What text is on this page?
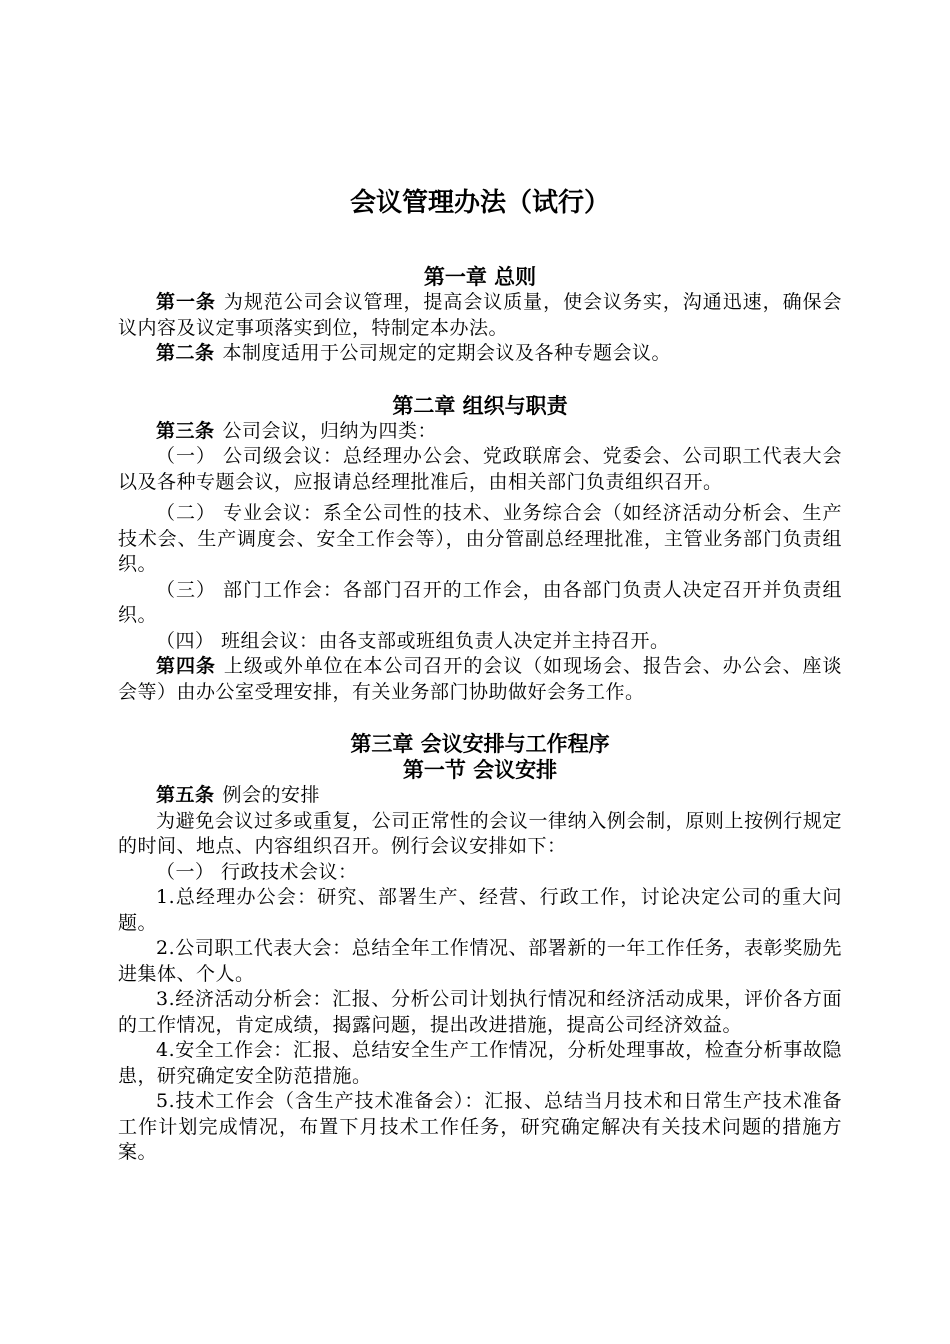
会议管理办法（试行）
第一章 总则

第一条 为规范公司会议管理，提高会议质量，使会议务实，沟通迅速，确保会议内容及议定事项落实到位，特制定本办法。

第二条 本制度适用于公司规定的定期会议及各种专题会议。

第二章 组织与职责

第三条 公司会议，归纳为四类：

（一） 公司级会议：总经理办公会、党政联席会、党委会、公司职工代表大会以及各种专题会议，应报请总经理批准后，由相关部门负责组织召开。

（二） 专业会议：系全公司性的技术、业务综合会（如经济活动分析会、生产技术会、生产调度会、安全工作会等），由分管副总经理批准，主管业务部门负责组织。

（三） 部门工作会：各部门召开的工作会，由各部门负责人决定召开并负责组织。

（四） 班组会议：由各支部或班组负责人决定并主持召开。

第四条 上级或外单位在本公司召开的会议（如现场会、报告会、办公会、座谈会等）由办公室受理安排，有关业务部门协助做好会务工作。

第三章 会议安排与工作程序
第一节 会议安排

第五条 例会的安排

为避免会议过多或重复，公司正常性的会议一律纳入例会制，原则上按例行规定的时间、地点、内容组织召开。例行会议安排如下：

（一） 行政技术会议：

1.总经理办公会：研究、部署生产、经营、行政工作，讨论决定公司的重大问题。

2.公司职工代表大会：总结全年工作情况、部署新的一年工作任务，表彰奖励先进集体、个人。

3.经济活动分析会：汇报、分析公司计划执行情况和经济活动成果，评价各方面的工作情况，肯定成绩，揭露问题，提出改进措施，提高公司经济效益。

4.安全工作会：汇报、总结安全生产工作情况，分析处理事故，检查分析事故隐患，研究确定安全防范措施。

5.技术工作会（含生产技术准备会）：汇报、总结当月技术和日常生产技术准备工作计划完成情况，布置下月技术工作任务，研究确定解决有关技术问题的措施方案。
